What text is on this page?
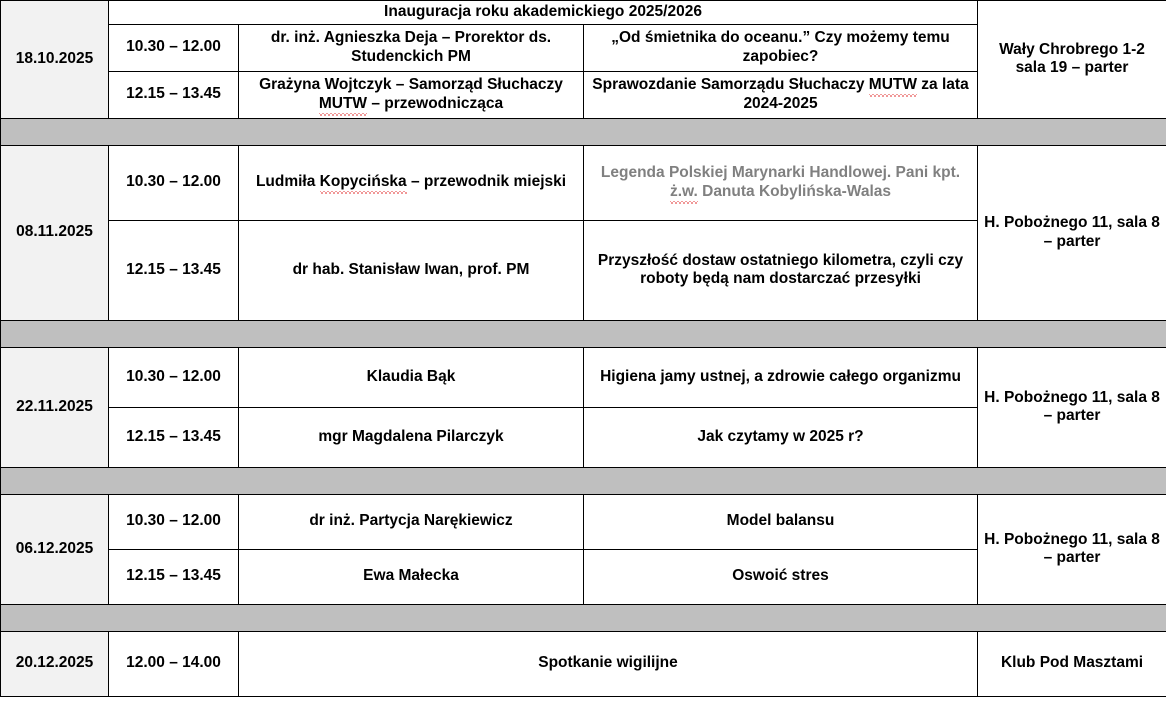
18.10.2025	Inauguracja roku akademickiego 2025/2026			Wały Chrobrego 1-2 sala 19 – parter
	10.30 – 12.00	dr. inż. Agnieszka Deja – Prorektor ds. Studenckich PM	„Od śmietnika do oceanu.” Czy możemy temu zapobiec?	
	12.15 – 13.45	Grażyna Wojtczyk – Samorząd Słuchaczy MUTW – przewodnicząca	Sprawozdanie Samorządu Słuchaczy MUTW za lata 2024-2025	

08.11.2025	10.30 – 12.00	Ludmiła Kopycińska – przewodnik miejski	Legenda Polskiej Marynarki Handlowej. Pani kpt. ż.w. Danuta Kobylińska-Walas	H. Pobożnego 11, sala 8 – parter
	12.15 – 13.45	dr hab. Stanisław Iwan, prof. PM	Przyszłość dostaw ostatniego kilometra, czyli czy roboty będą nam dostarczać przesyłki	

22.11.2025	10.30 – 12.00	Klaudia Bąk	Higiena jamy ustnej, a zdrowie całego organizmu	H. Pobożnego 11, sala 8 – parter
	12.15 – 13.45	mgr Magdalena Pilarczyk	Jak czytamy w 2025 r?	

06.12.2025	10.30 – 12.00	dr inż. Partycja Narękiewicz	Model balansu	H. Pobożnego 11, sala 8 – parter
	12.15 – 13.45	Ewa Małecka	Oswoić stres	

20.12.2025	12.00 – 14.00	Spotkanie wigilijne		Klub Pod Masztami
